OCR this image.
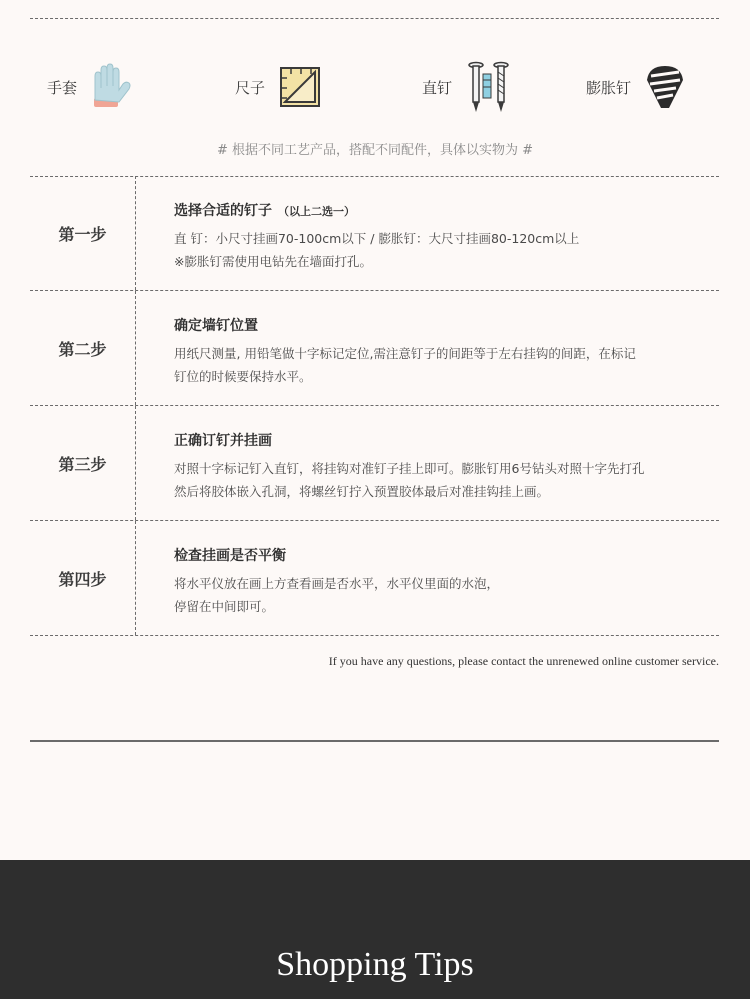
手套	尺子	直钉	膨胀钉
# 根据不同工艺产品，搭配不同配件，具体以实物为 #
第一步
选择合适的钉子 （以上二选一）
直 钉：小尺寸挂画70-100cm以下 / 膨胀钉：大尺寸挂画80-120cm以上
※膨胀钉需使用电钻先在墙面打孔。
第二步
确定墙钉位置
用纸尺测量, 用铅笔做十字标记定位,需注意钉子的间距等于左右挂钩的间距，在标记
钉位的时候要保持水平。
第三步
正确订钉并挂画
对照十字标记钉入直钉，将挂钩对准钉子挂上即可。膨胀钉用6号钻头对照十字先打孔
然后将胶体嵌入孔洞，将螺丝钉拧入预置胶体最后对准挂钩挂上画。
第四步
检查挂画是否平衡
将水平仪放在画上方查看画是否水平，水平仪里面的水泡，
停留在中间即可。
If you have any questions, please contact the unrenewed online customer service.
Shopping Tips
